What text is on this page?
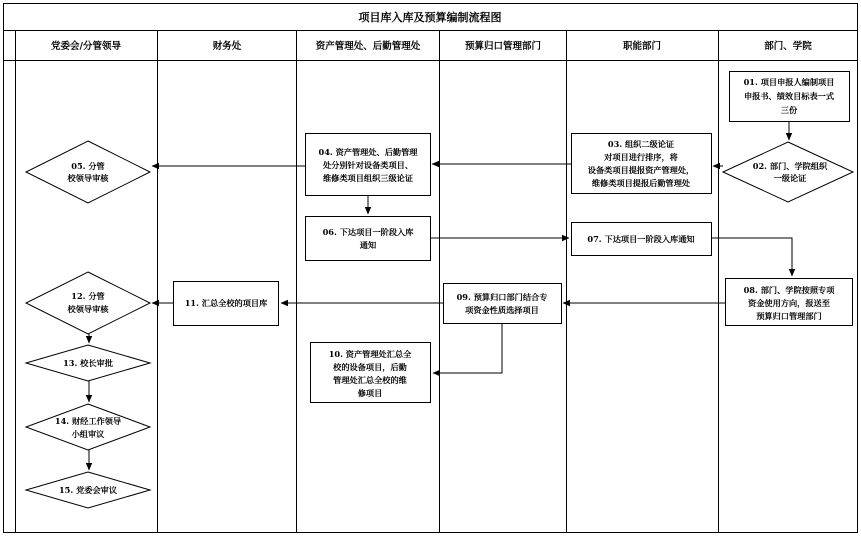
项目库入库及预算编制流程图
党委会/分管领导	财务处	资产管理处、后勤管理处	预算归口管理部门	职能部门	部门、学院
01. 项目申报人编制项目
申报书、绩效目标表一式
三份
02. 部门、学院组织
一级论证
03. 组织二级论证
对项目进行排序，将
设备类项目提报资产管理处，
维修类项目提报后勤管理处
04. 资产管理处、后勤管理
处分别针对设备类项目、
维修类项目组织三级论证
05. 分管
校领导审核
06. 下达项目一阶段入库
通知
07. 下达项目一阶段入库通知
08. 部门、学院按照专项
资金使用方向，报送至
预算归口管理部门
09. 预算归口部门结合专
项资金性质选择项目
11. 汇总全校的项目库
12. 分管
校领导审核
10. 资产管理处汇总全
校的设备项目，后勤
管理处汇总全校的维
修项目
13. 校长审批
14. 财经工作领导
小组审议
15. 党委会审议
